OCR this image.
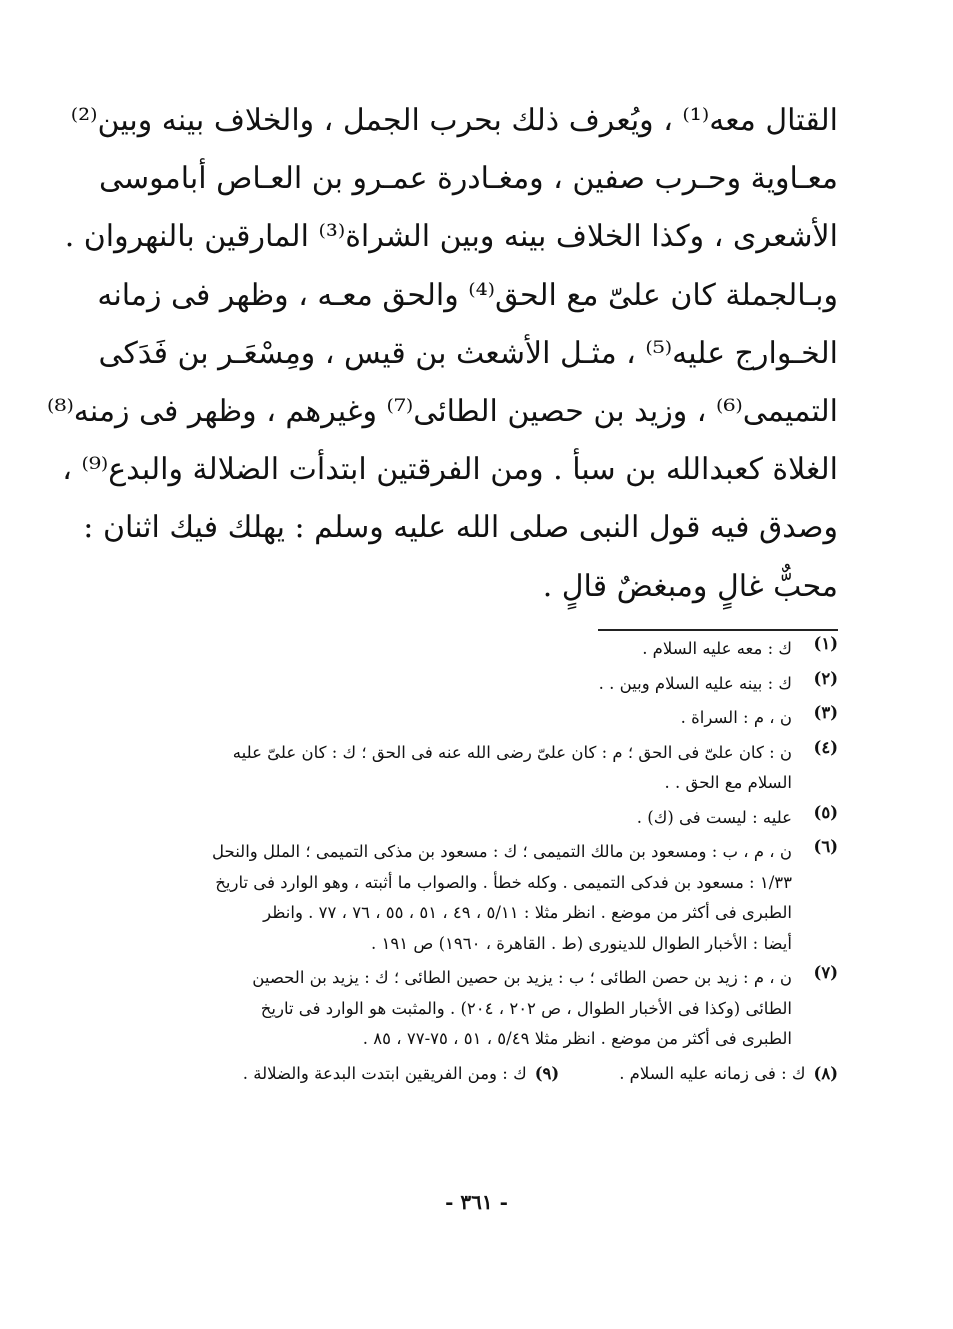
القتال معه⁽¹⁾ ، ويُعرف ذلك بحرب الجمل ، والخلاف بينه وبين⁽²⁾
معـاوية وحـرب صفين ، ومغـادرة عمـرو بن العـاص أباموسى
الأشعرى ، وكذا الخلاف بينه وبين الشراة⁽³⁾ المارقين بالنهروان .
وبـالجملة كان علىّ مع الحق⁽⁴⁾ والحق معـه ، وظهر فى زمانه
الخـوارج عليه⁽⁵⁾ ، مثـل الأشعث بن قيس ، ومِسْعَـر بن فَدَكى
التميمى⁽⁶⁾ ، وزيد بن حصين الطائى⁽⁷⁾ وغيرهم ، وظهر فى زمنه⁽⁸⁾
الغلاة كعبدالله بن سبأ . ومن الفرقتين ابتدأت الضلالة والبدع⁽⁹⁾ ،
وصدق فيه قول النبى صلى الله عليه وسلم : يهلك فيك اثنان :
محبٌّ غالٍ ومبغضٌ قالٍ .
(١)
ك : معه عليه السلام .
(٢)
ك : بينه عليه السلام وبين . .
(٣)
ن ، م : السراة .
(٤)
ن : كان علىّ فى الحق ؛ م : كان علىّ رضى الله عنه فى الحق ؛ ك : كان علىّ عليه
السلام مع الحق . .
(٥)
عليه : ليست فى (ك) .
(٦)
ن ، م ، ب : ومسعود بن مالك التميمى ؛ ك : مسعود بن مذكى التميمى ؛ الملل والنحل
١/٣٣ : مسعود بن فدكى التميمى . وكله خطأ . والصواب ما أثبته ، وهو الوارد فى تاريخ
الطبرى فى أكثر من موضع . انظر مثلا : ٥/١١ ، ٤٩ ، ٥١ ، ٥٥ ، ٧٦ ، ٧٧ . وانظر
أيضا : الأخبار الطوال للدينورى (ط . القاهرة ، ١٩٦٠) ص ١٩١ .
(٧)
ن ، م : زيد بن حصن الطائى ؛ ب : يزيد بن حصين الطائى ؛ ك : يزيد بن الحصين
الطائى (وكذا فى الأخبار الطوال ، ص ٢٠٢ ، ٢٠٤) . والمثبت هو الوارد فى تاريخ
الطبرى فى أكثر من موضع . انظر مثلا ٥/٤٩ ، ٥١ ، ٧٥-٧٧ ، ٨٥ .
(٨)
ك : فى زمانه عليه السلام .
(٩)
ك : ومن الفريقين ابتدت البدعة والضلالة .
- ٣٦١ -
